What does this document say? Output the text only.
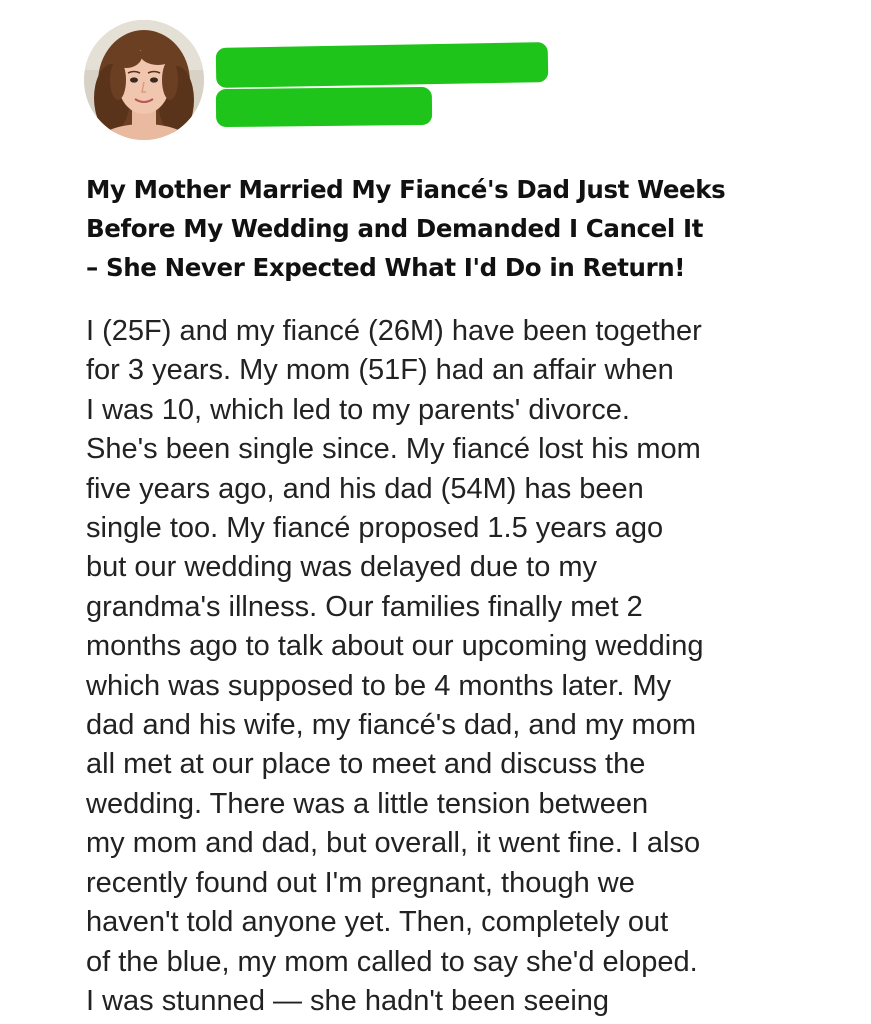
My Mother Married My Fiancé's Dad Just Weeks
Before My Wedding and Demanded I Cancel It
– She Never Expected What I'd Do in Return!
I (25F) and my fiancé (26M) have been together
for 3 years. My mom (51F) had an affair when
I was 10, which led to my parents' divorce.
She's been single since. My fiancé lost his mom
five years ago, and his dad (54M) has been
single too. My fiancé proposed 1.5 years ago
but our wedding was delayed due to my
grandma's illness. Our families finally met 2
months ago to talk about our upcoming wedding
which was supposed to be 4 months later. My
dad and his wife, my fiancé's dad, and my mom
all met at our place to meet and discuss the
wedding. There was a little tension between
my mom and dad, but overall, it went fine. I also
recently found out I'm pregnant, though we
haven't told anyone yet. Then, completely out
of the blue, my mom called to say she'd eloped.
I was stunned — she hadn't been seeing
